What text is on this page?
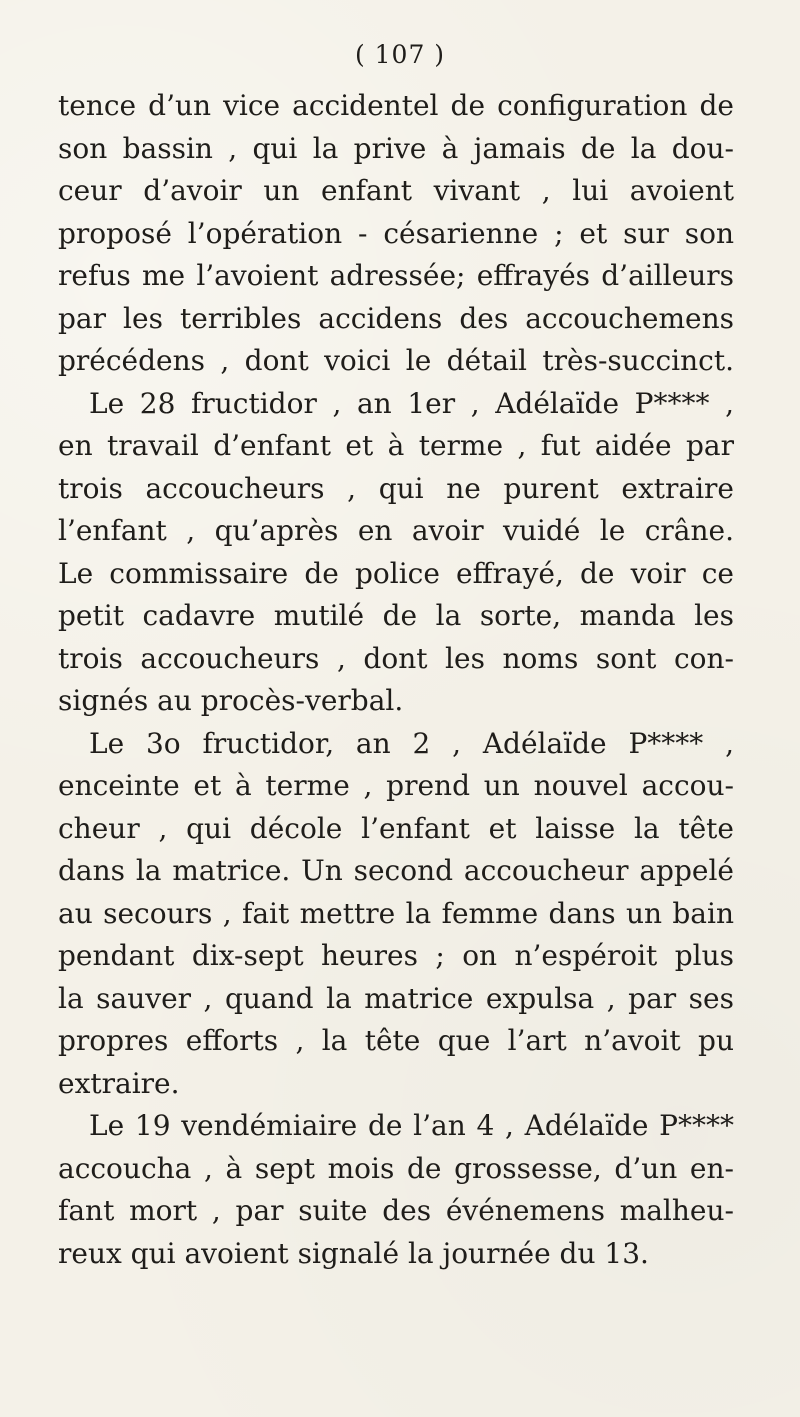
( 107 )
tence d’un vice accidentel de configuration de
son bassin , qui la prive à jamais de la dou-
ceur d’avoir un enfant vivant , lui avoient
proposé l’opération - césarienne ; et sur son
refus me l’avoient adressée; effrayés d’ailleurs
par les terribles accidens des accouchemens
précédens , dont voici le détail très-succinct.
Le 28 fructidor , an 1er , Adélaïde P**** ,
en travail d’enfant et à terme , fut aidée par
trois accoucheurs , qui ne purent extraire
l’enfant , qu’après en avoir vuidé le crâne.
Le commissaire de police effrayé, de voir ce
petit cadavre mutilé de la sorte, manda les
trois accoucheurs , dont les noms sont con-
signés au procès-verbal.
Le 3o fructidor, an 2 , Adélaïde P**** ,
enceinte et à terme , prend un nouvel accou-
cheur , qui décole l’enfant et laisse la tête
dans la matrice. Un second accoucheur appelé
au secours , fait mettre la femme dans un bain
pendant dix-sept heures ; on n’espéroit plus
la sauver , quand la matrice expulsa , par ses
propres efforts , la tête que l’art n’avoit pu
extraire.
Le 19 vendémiaire de l’an 4 , Adélaïde P****
accoucha , à sept mois de grossesse, d’un en-
fant mort , par suite des événemens malheu-
reux qui avoient signalé la journée du 13.
